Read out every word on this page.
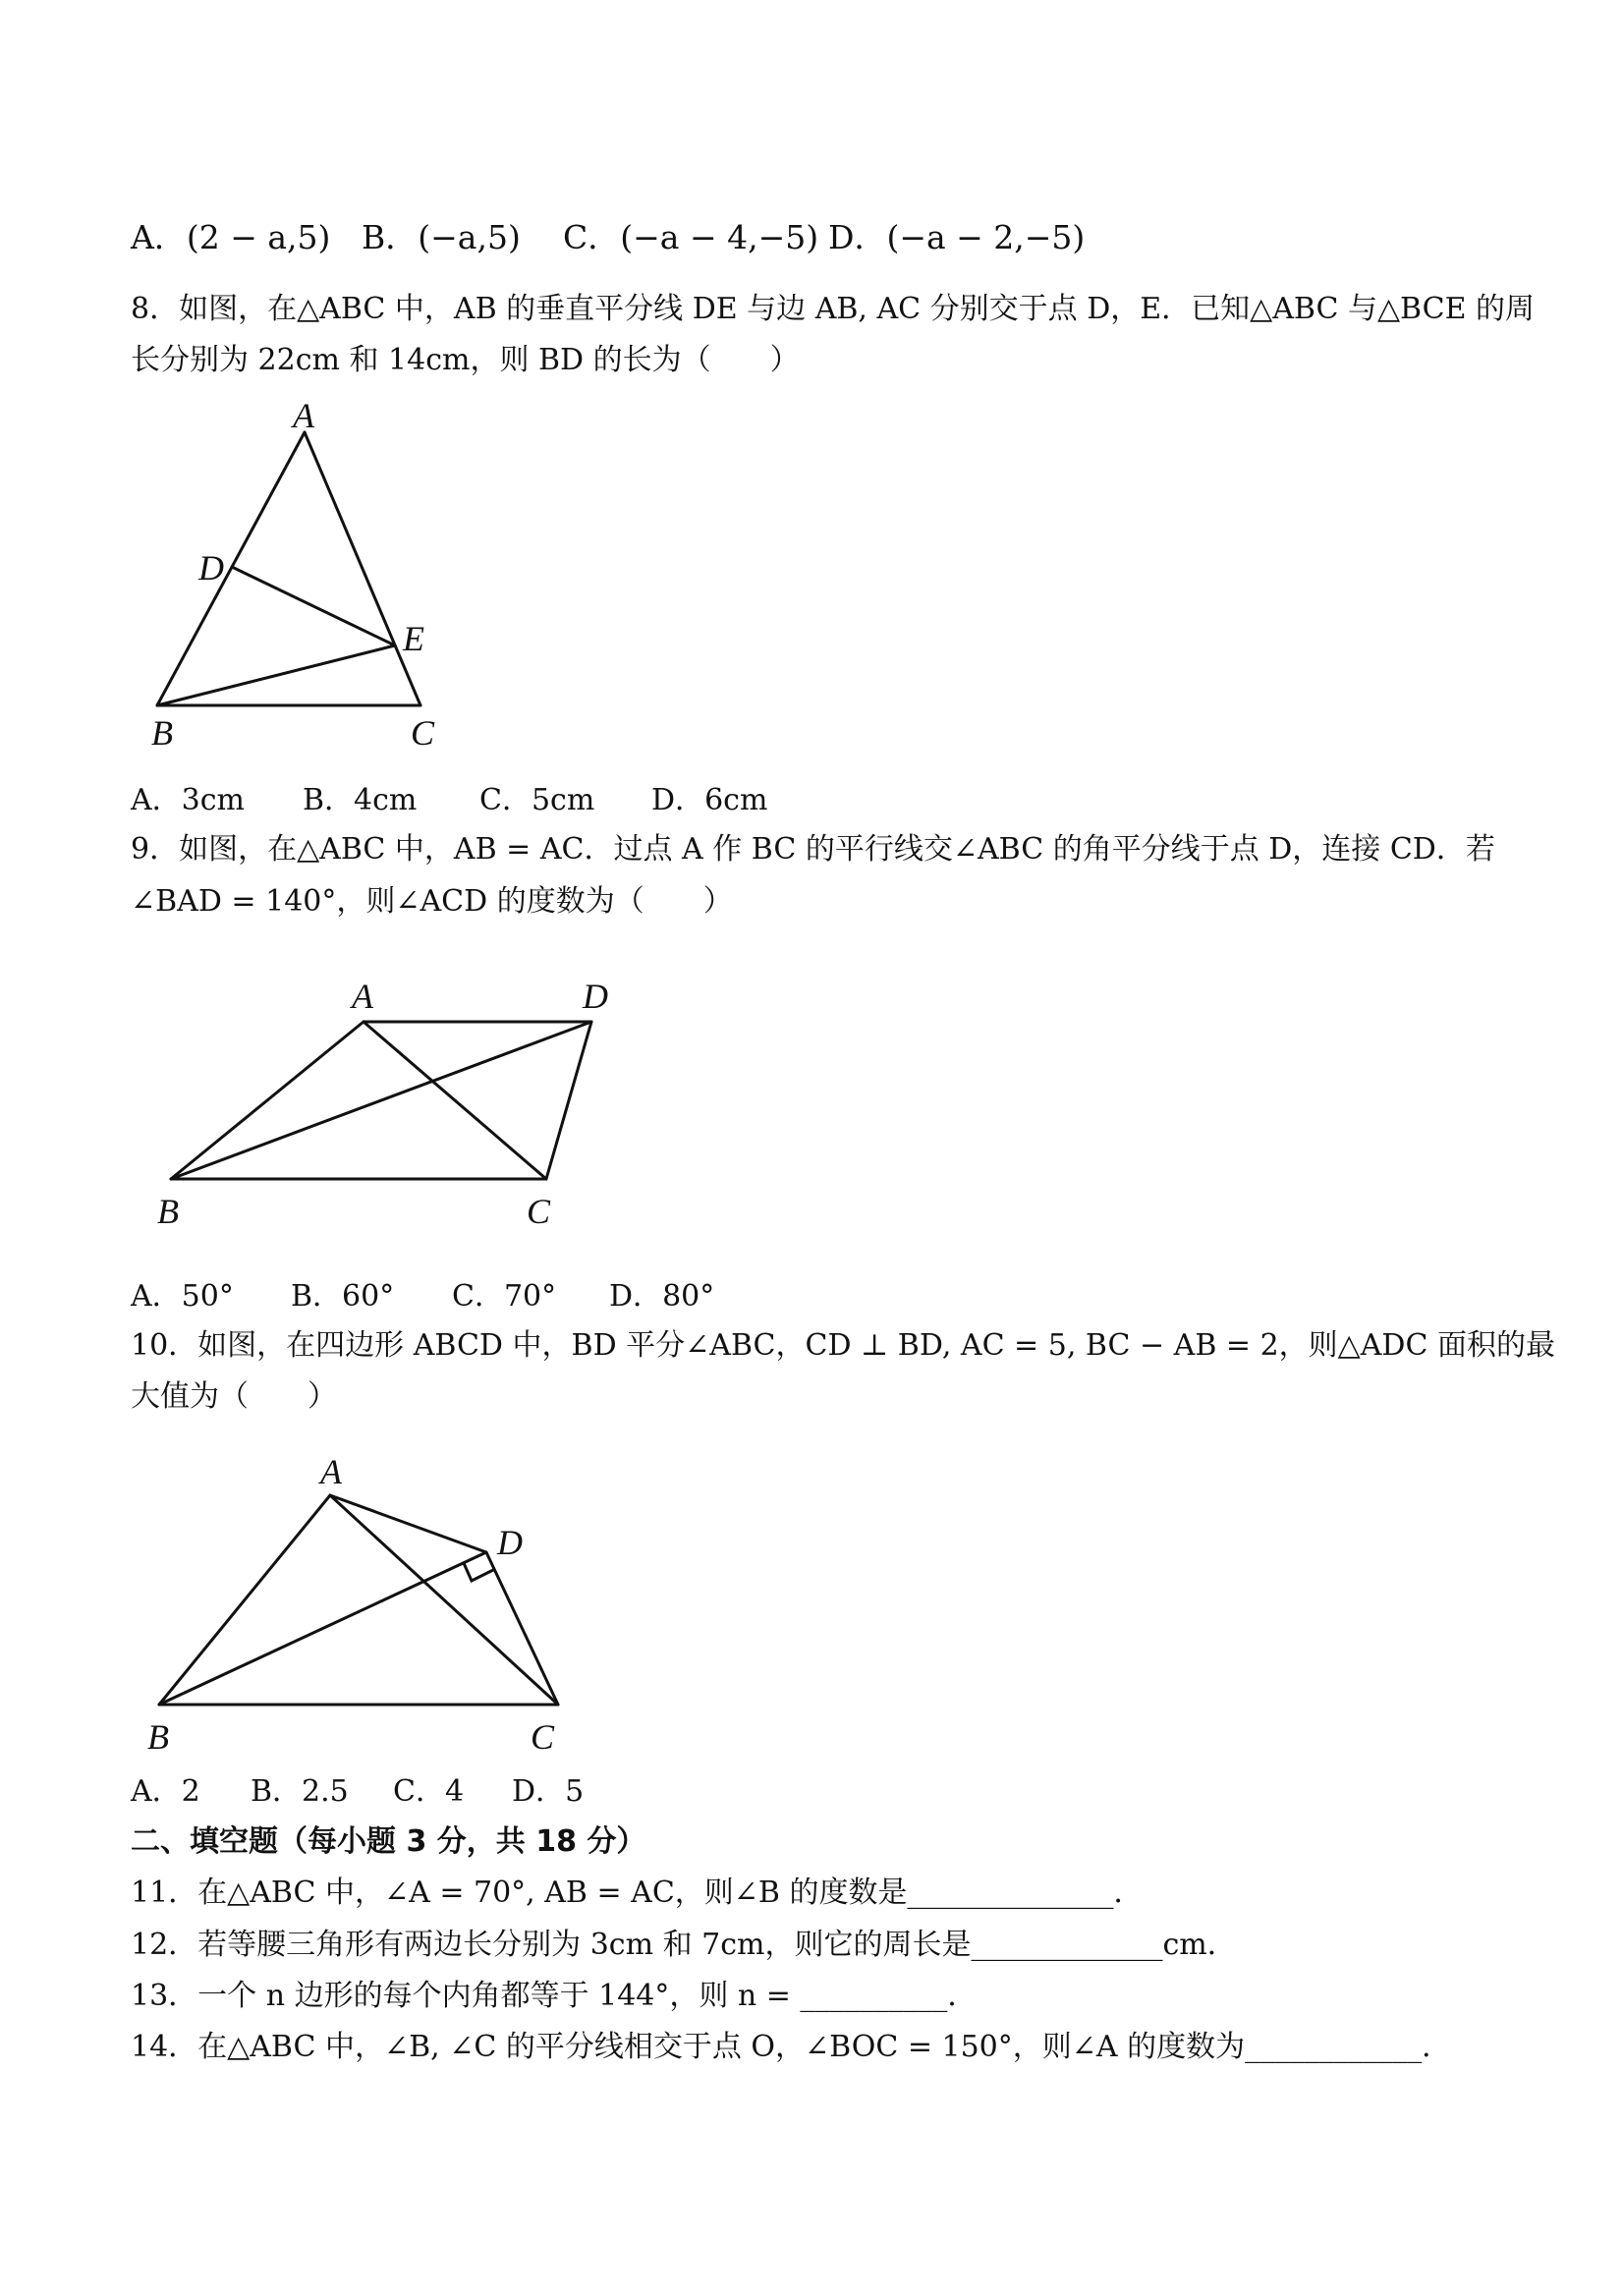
A．(2 − a,5) B．(−a,5) C．(−a − 4,−5) D．(−a − 2,−5)
8．如图，在△ABC 中，AB 的垂直平分线 DE 与边 AB, AC 分别交于点 D，E．已知△ABC 与△BCE 的周
长分别为 22cm 和 14cm，则 BD 的长为（　　）
A
D
E
B	C
A．3cm B．4cm C．5cm D．6cm
9．如图，在△ABC 中，AB = AC．过点 A 作 BC 的平行线交∠ABC 的角平分线于点 D，连接 CD．若
∠BAD = 140°，则∠ACD 的度数为（　　）
A	D
B	C
A．50° B．60° C．70° D．80°
10．如图，在四边形 ABCD 中，BD 平分∠ABC，CD ⊥ BD, AC = 5, BC − AB = 2，则△ADC 面积的最
大值为（　　）
A
D
B	C
A．2 B．2.5 C．4 D．5
二、填空题（每小题 3 分，共 18 分）
11．在△ABC 中，∠A = 70°, AB = AC，则∠B 的度数是______________．
12．若等腰三角形有两边长分别为 3cm 和 7cm，则它的周长是_____________cm．
13．一个 n 边形的每个内角都等于 144°，则 n = __________．
14．在△ABC 中，∠B, ∠C 的平分线相交于点 O，∠BOC = 150°，则∠A 的度数为____________．
